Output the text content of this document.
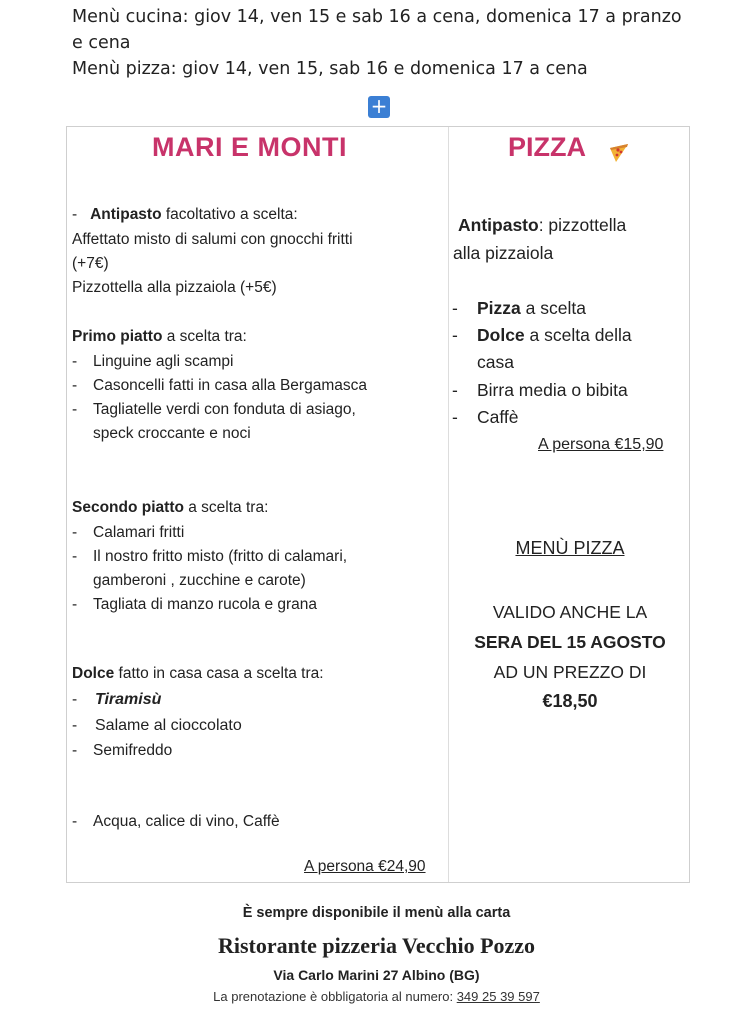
Menù cucina: giov 14, ven 15 e sab 16 a cena, domenica 17 a pranzo
e cena
Menù pizza: giov 14, ven 15, sab 16 e domenica 17 a cena
+
MARI E MONTI
- Antipasto facoltativo a scelta:
Affettato misto di salumi con gnocchi fritti
(+7€)
Pizzottella alla pizzaiola (+5€)
Primo piatto a scelta tra:
- Linguine agli scampi
- Casoncelli fatti in casa alla Bergamasca
- Tagliatelle verdi con fonduta di asiago,
speck croccante e noci
Secondo piatto a scelta tra:
- Calamari fritti
- Il nostro fritto misto (fritto di calamari,
gamberoni , zucchine e carote)
- Tagliata di manzo rucola e grana
Dolce fatto in casa casa a scelta tra:
- Tiramisù
- Salame al cioccolato
- Semifreddo
- Acqua, calice di vino, Caffè
A persona €24,90
PIZZA
Antipasto: pizzottella
alla pizzaiola
- Pizza a scelta
- Dolce a scelta della
casa
- Birra media o bibita
- Caffè
A persona €15,90
MENÙ PIZZA
VALIDO ANCHE LA
SERA DEL 15 AGOSTO
AD UN PREZZO DI
€18,50
È sempre disponibile il menù alla carta
Ristorante pizzeria Vecchio Pozzo
Via Carlo Marini 27 Albino (BG)
La prenotazione è obbligatoria al numero: 349 25 39 597
